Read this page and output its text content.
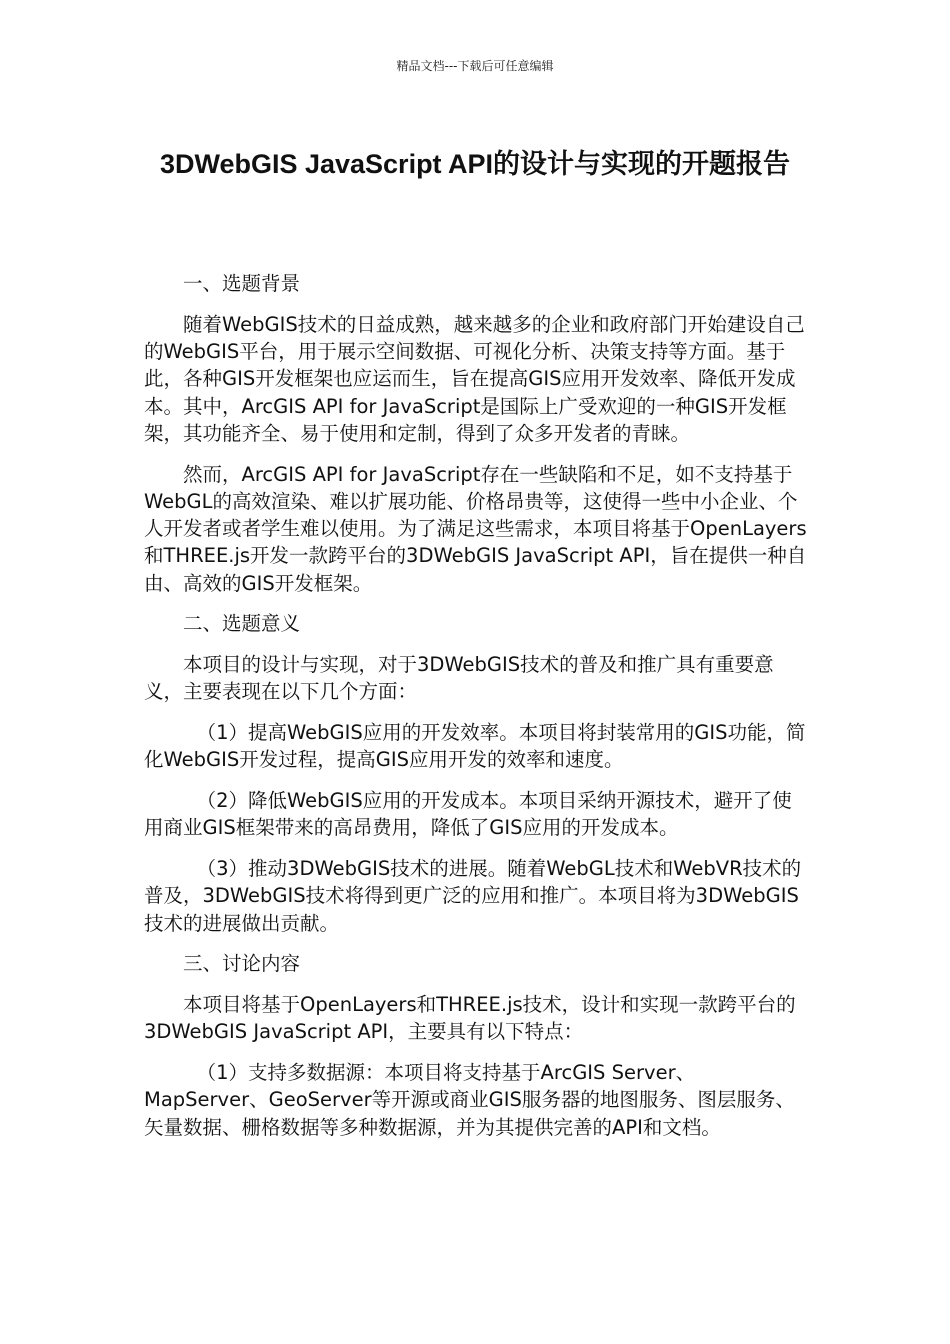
精品文档---下载后可任意编辑
3DWebGIS JavaScript API的设计与实现的开题报告

一、选题背景

随着WebGIS技术的日益成熟，越来越多的企业和政府部门开始建设自己的WebGIS平台，用于展示空间数据、可视化分析、决策支持等方面。基于此，各种GIS开发框架也应运而生，旨在提高GIS应用开发效率、降低开发成本。其中，ArcGIS API for JavaScript是国际上广受欢迎的一种GIS开发框架，其功能齐全、易于使用和定制，得到了众多开发者的青睐。

然而，ArcGIS API for JavaScript存在一些缺陷和不足，如不支持基于WebGL的高效渲染、难以扩展功能、价格昂贵等，这使得一些中小企业、个人开发者或者学生难以使用。为了满足这些需求，本项目将基于OpenLayers和THREE.js开发一款跨平台的3DWebGIS JavaScript API，旨在提供一种自由、高效的GIS开发框架。

二、选题意义

本项目的设计与实现，对于3DWebGIS技术的普及和推广具有重要意义，主要表现在以下几个方面：

（1）提高WebGIS应用的开发效率。本项目将封装常用的GIS功能，简化WebGIS开发过程，提高GIS应用开发的效率和速度。

（2）降低WebGIS应用的开发成本。本项目采纳开源技术，避开了使用商业GIS框架带来的高昂费用，降低了GIS应用的开发成本。

（3）推动3DWebGIS技术的进展。随着WebGL技术和WebVR技术的普及，3DWebGIS技术将得到更广泛的应用和推广。本项目将为3DWebGIS技术的进展做出贡献。

三、讨论内容

本项目将基于OpenLayers和THREE.js技术，设计和实现一款跨平台的3DWebGIS JavaScript API，主要具有以下特点：

（1）支持多数据源：本项目将支持基于ArcGIS Server、MapServer、GeoServer等开源或商业GIS服务器的地图服务、图层服务、矢量数据、栅格数据等多种数据源，并为其提供完善的API和文档。
